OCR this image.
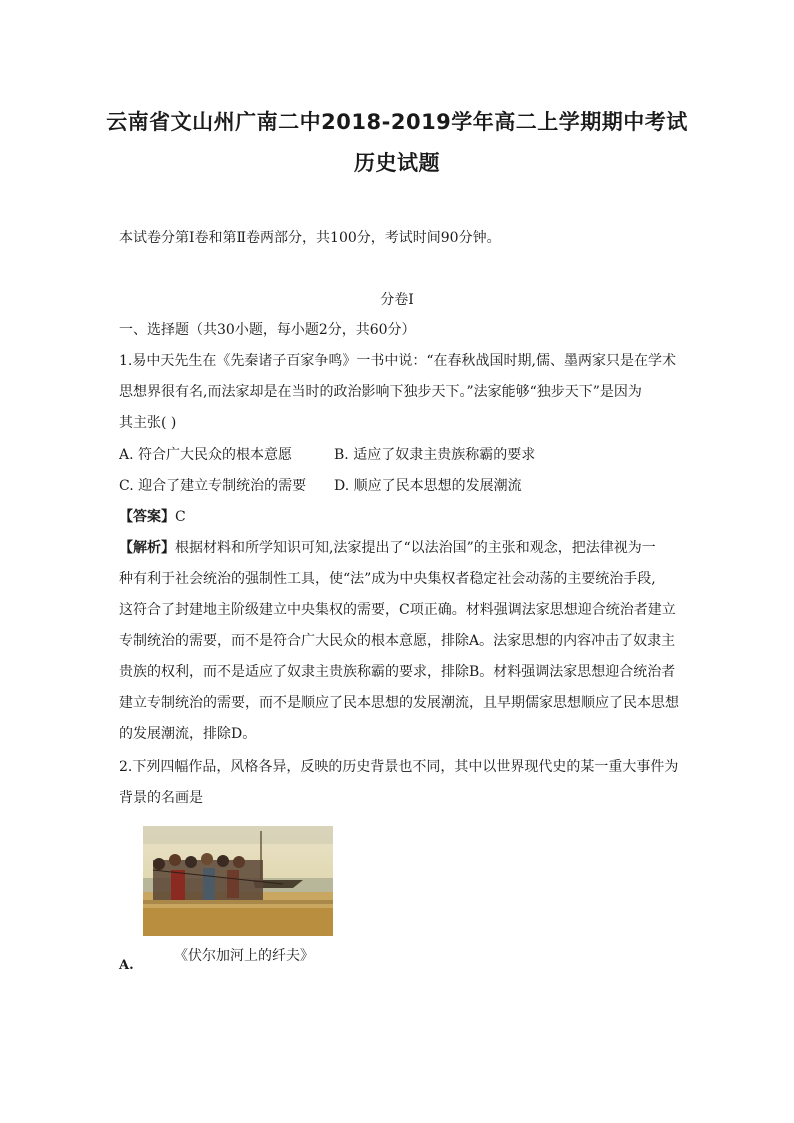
云南省文山州广南二中2018-2019学年高二上学期期中考试
历史试题
本试卷分第Ⅰ卷和第Ⅱ卷两部分，共100分，考试时间90分钟。
分卷I
一、选择题（共30小题，每小题2分，共60分）
1.易中天先生在《先秦诸子百家争鸣》一书中说：“在春秋战国时期,儒、墨两家只是在学术
思想界很有名,而法家却是在当时的政治影响下独步天下。”法家能够“独步天下”是因为
其主张( )
A. 符合广大民众的根本意愿	B. 适应了奴隶主贵族称霸的要求
C. 迎合了建立专制统治的需要 D. 顺应了民本思想的发展潮流
【答案】C
【解析】根据材料和所学知识可知,法家提出了“以法治国”的主张和观念，把法律视为一
种有利于社会统治的强制性工具，使“法”成为中央集权者稳定社会动荡的主要统治手段,
这符合了封建地主阶级建立中央集权的需要，C项正确。材料强调法家思想迎合统治者建立
专制统治的需要，而不是符合广大民众的根本意愿，排除A。法家思想的内容冲击了奴隶主
贵族的权利，而不是适应了奴隶主贵族称霸的要求，排除B。材料强调法家思想迎合统治者
建立专制统治的需要，而不是顺应了民本思想的发展潮流，且早期儒家思想顺应了民本思想
的发展潮流，排除D。
2.下列四幅作品，风格各异，反映的历史背景也不同，其中以世界现代史的某一重大事件为
背景的名画是
《伏尔加河上的纤夫》
A.
